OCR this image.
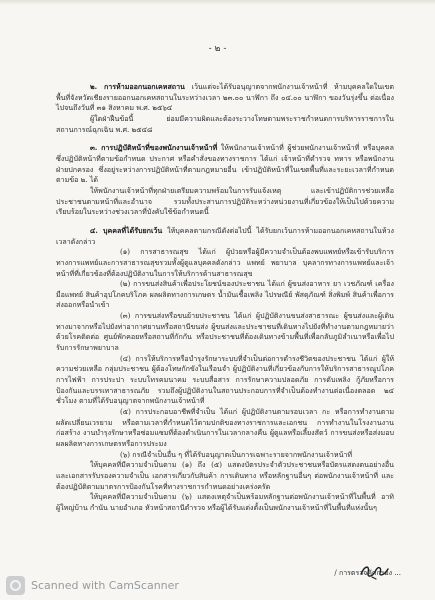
- ๒ -

๒. การห้ามออกนอกเคหสถาน เว้นแต่จะได้รับอนุญาตจากพนักงานเจ้าหน้าที่ ห้ามบุคคลใดในเขตพื้นที่จังหวัดเชียงรายออกนอกเคหสถานในระหว่างเวลา ๒๓.๐๐ นาฬิกา ถึง ๐๔.๐๐ นาฬิกา ของวันรุ่งขึ้น ต่อเนื่องไปจนถึงวันที่ ๓๑ สิงหาคม พ.ศ. ๒๕๖๔

ผู้ใดฝ่าฝืนข้อนี้ ย่อมมีความผิดและต้องระวางโทษตามพระราชกำหนดการบริหารราชการในสถานการณ์ฉุกเฉิน พ.ศ. ๒๕๔๘

๓. การปฏิบัติหน้าที่ของพนักงานเจ้าหน้าที่ ให้พนักงานเจ้าหน้าที่ ผู้ช่วยพนักงานเจ้าหน้าที่ หรือบุคคลซึ่งปฏิบัติหน้าที่ตามข้อกำหนด ประกาศ หรือคำสั่งของทางราชการ ได้แก่ เจ้าหน้าที่ตำรวจ ทหาร หรือพนักงานฝ่ายปกครอง ซึ่งอยู่ระหว่างการปฏิบัติหน้าที่ตามกฎหมายอื่น เข้าปฏิบัติหน้าที่ในเขตพื้นที่และระยะเวลาที่กำหนดตามข้อ ๒. ได้

ให้พนักงานเจ้าหน้าที่ทุกฝ่ายเตรียมความพร้อมในการรับแจ้งเหตุ และเข้าปฏิบัติการช่วยเหลือประชาชนตามหน้าที่และอำนาจ รวมทั้งประสานการปฏิบัติระหว่างหน่วยงานที่เกี่ยวข้องให้เป็นไปด้วยความเรียบร้อยในระหว่างช่วงเวลาที่บังคับใช้ข้อกำหนดนี้

๔. บุคคลที่ได้รับยกเว้น ให้บุคคลตามกรณีดังต่อไปนี้ ได้รับยกเว้นการห้ามออกนอกเคหสถานในห้วงเวลาดังกล่าว

(๑) การสาธารณสุข ได้แก่ ผู้ป่วยหรือผู้มีความจำเป็นต้องพบแพทย์หรือเข้ารับบริการทางการแพทย์และการสาธารณสุขรวมทั้งผู้ดูแลบุคคลดังกล่าว แพทย์ พยาบาล บุคลากรทางการแพทย์และเจ้าหน้าที่ที่เกี่ยวข้องที่ต้องปฏิบัติงานในการให้บริการด้านสาธารณสุข

(๒) การขนส่งสินค้าเพื่อประโยชน์ของประชาชน ได้แก่ ผู้ขนส่งอาหาร ยา เวชภัณฑ์ เครื่องมือแพทย์ สินค้าอุปโภคบริโภค ผลผลิตทางการเกษตร น้ำมันเชื้อเพลิง ไปรษณีย์ พัสดุภัณฑ์ สิ่งพิมพ์ สินค้าเพื่อการส่งออกหรือนำเข้า

(๓) การขนส่งหรือขนย้ายประชาชน ได้แก่ ผู้ปฏิบัติงานขนส่งสาธารณะ ผู้ขนส่งและผู้เดินทางมาจากหรือไปยังท่าอากาศยานหรือสถานีขนส่ง ผู้ขนส่งและประชาชนที่เดินทางไปยังที่ทำงานตามกฎหมายว่าด้วยโรคติดต่อ ศูนย์พักคอยหรือสถานที่กักกัน หรือประชาชนที่ต้องเดินทางข้ามพื้นที่เพื่อกลับภูมิลำเนาหรือเพื่อไปรับการรักษาพยาบาล

(๔) การให้บริการหรือบำรุงรักษาระบบที่จำเป็นต่อการดำรงชีวิตของประชาชน ได้แก่ ผู้ให้ความช่วยเหลือ กลุ่มประชาชน ผู้ต้องโทษกักขังในเรือนจำ ผู้ปฏิบัติงานที่เกี่ยวข้องกับการให้บริการสาธารณูปโภค การไฟฟ้า การประปา ระบบโทรคมนาคม ระบบสื่อสาร การรักษาความปลอดภัย การดับเพลิง กู้ภัยหรือการป้องกันและบรรเทาสาธารณภัย รวมถึงผู้ปฏิบัติงานในสถานประกอบการที่จำเป็นต้องทำงานต่อเนื่องตลอด ๒๔ ชั่วโมง ตามที่ได้รับอนุญาตจากพนักงานเจ้าหน้าที่

(๕) การประกอบอาชีพที่จำเป็น ได้แก่ ผู้ปฏิบัติงานตามรอบเวลา กะ หรือการทำงานตามผลัดเปลี่ยนเวรยาม หรือตามเวลาที่กำหนดไว้ตามปกติของทางราชการและเอกชน การทำงานในโรงงานงานก่อสร้าง งานบำรุงรักษาหรือซ่อมแซมที่ต้องดำเนินการในเวลากลางคืน ผู้ดูแลหรือเลี้ยงสัตว์ การขนส่งหรือส่งมอบผลผลิตทางการเกษตรหรือการประมง

(๖) กรณีจำเป็นอื่น ๆ ที่ได้รับอนุญาตเป็นการเฉพาะรายจากพนักงานเจ้าหน้าที่

ให้บุคคลที่มีความจำเป็นตาม (๑) ถึง (๕) แสดงบัตรประจำตัวประชาชนหรือบัตรแสดงตนอย่างอื่น และเอกสารรับรองความจำเป็น เอกสารเกี่ยวกับสินค้า การเดินทาง หรือหลักฐานอื่นๆ ต่อพนักงานเจ้าหน้าที่ และต้องปฏิบัติตามมาตรการป้องกันโรคที่ทางราชการกำหนดอย่างเคร่งครัด

ให้บุคคลที่มีความจำเป็นตาม (๖) แสดงเหตุจำเป็นพร้อมหลักฐานต่อพนักงานเจ้าหน้าที่ในพื้นที่ อาทิ ผู้ใหญ่บ้าน กำนัน นายอำเภอ หัวหน้าสถานีตำรวจ หรือผู้ได้รับแต่งตั้งเป็นพนักงานเจ้าหน้าที่ในพื้นที่แห่งนั้นๆ

/ การตรวจคัดกรอง ...
Scanned with CamScanner
